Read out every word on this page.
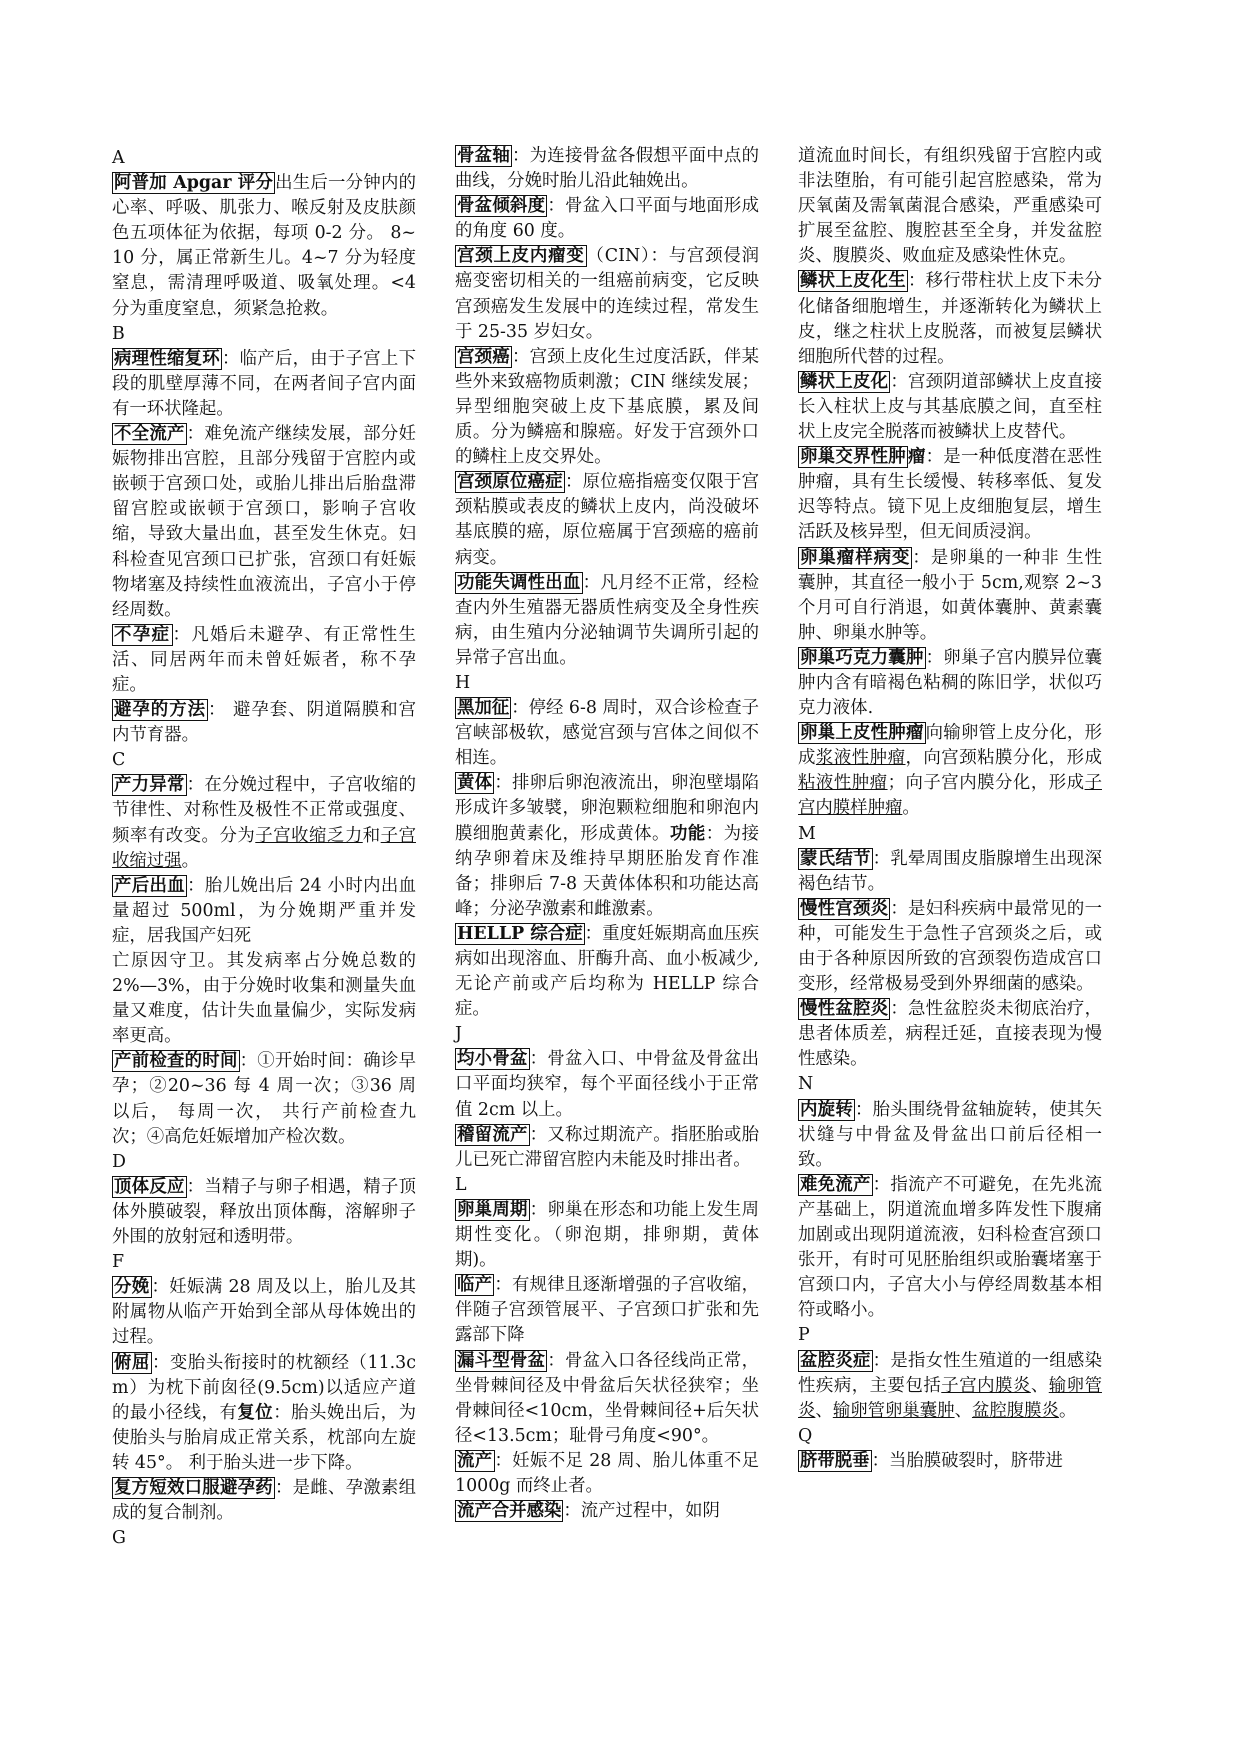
A
阿普加 Apgar 评分 出生后一分钟内的心率、呼吸、肌张力、喉反射及皮肤颜色五项体征为依据，每项 0-2 分。 8~10 分，属正常新生儿。4~7 分为轻度窒息，需清理呼吸道、吸氧处理。<4 分为重度窒息，须紧急抢救。
B
病理性缩复环 ：临产后，由于子宫上下段的肌壁厚薄不同，在两者间子宫内面有一环状隆起。
不全流产 ：难免流产继续发展，部分妊娠物排出宫腔，且部分残留于宫腔内或嵌顿于宫颈口处，或胎儿排出后胎盘滞留宫腔或嵌顿于宫颈口，影响子宫收缩，导致大量出血，甚至发生休克。妇科检查见宫颈口已扩张，宫颈口有妊娠物堵塞及持续性血液流出，子宫小于停经周数。
不孕症 ：凡婚后未避孕、有正常性生活、同居两年而未曾妊娠者，称不孕症。
避孕的方法 ： 避孕套、阴道隔膜和宫内节育器。
C
产力异常 ：在分娩过程中，子宫收缩的节律性、对称性及极性不正常或强度、频率有改变。分为子宫收缩乏力和子宫收缩过强。
产后出血 ：胎儿娩出后 24 小时内出血量超过 500ml，为分娩期严重并发症，居我国产妇死
亡原因守卫。其发病率占分娩总数的 2%—3%，由于分娩时收集和测量失血量又难度，估计失血量偏少，实际发病率更高。
产前检查的时间 ：①开始时间：确诊早孕；②20~36 每 4 周一次；③36 周以后， 每周一次， 共行产前检查九次；④高危妊娠增加产检次数。
D
顶体反应 ：当精子与卵子相遇，精子顶体外膜破裂，释放出顶体酶，溶解卵子外围的放射冠和透明带。
F
分娩 ：妊娠满 28 周及以上，胎儿及其附属物从临产开始到全部从母体娩出的过程。
俯屈 ：变胎头衔接时的枕额经（11.3cm）为枕下前囱径(9.5cm)以适应产道的最小径线，有复位：胎头娩出后，为使胎头与胎肩成正常关系，枕部向左旋转 45°。 利于胎头进一步下降。
复方短效口服避孕药 ：是雌、孕激素组成的复合制剂。
G
骨盆轴 ：为连接骨盆各假想平面中点的曲线，分娩时胎儿沿此轴娩出。
骨盆倾斜度 ：骨盆入口平面与地面形成的角度 60 度。
宫颈上皮内瘤变 （CIN）：与宫颈侵润癌变密切相关的一组癌前病变，它反映宫颈癌发生发展中的连续过程，常发生于 25-35 岁妇女。
宫颈癌 ：宫颈上皮化生过度活跃，伴某些外来致癌物质刺激；CIN 继续发展；异型细胞突破上皮下基底膜，累及间质。分为鳞癌和腺癌。好发于宫颈外口的鳞柱上皮交界处。
宫颈原位癌症 ：原位癌指癌变仅限于宫颈粘膜或表皮的鳞状上皮内，尚没破坏基底膜的癌，原位癌属于宫颈癌的癌前病变。
功能失调性出血 ：凡月经不正常，经检查内外生殖器无器质性病变及全身性疾病，由生殖内分泌轴调节失调所引起的异常子宫出血。
H
黑加征 ：停经 6-8 周时，双合诊检查子宫峡部极软，感觉宫颈与宫体之间似不相连。
黄体 ：排卵后卵泡液流出，卵泡壁塌陷形成许多皱襞，卵泡颗粒细胞和卵泡内膜细胞黄素化，形成黄体。功能：为接纳孕卵着床及维持早期胚胎发育作准备；排卵后 7-8 天黄体体积和功能达高峰；分泌孕激素和雌激素。
HELLP 综合症 ：重度妊娠期高血压疾病如出现溶血、肝酶升高、血小板减少,无论产前或产后均称为 HELLP 综合症。
J
均小骨盆 ：骨盆入口、中骨盆及骨盆出口平面均狭窄，每个平面径线小于正常值 2cm 以上。
稽留流产 ：又称过期流产。指胚胎或胎儿已死亡滞留宫腔内未能及时排出者。
L
卵巢周期 ：卵巢在形态和功能上发生周期性变化。（卵泡期，排卵期，黄体期)。
临产 ：有规律且逐渐增强的子宫收缩，伴随子宫颈管展平、子宫颈口扩张和先露部下降
漏斗型骨盆 ：骨盆入口各径线尚正常，坐骨棘间径及中骨盆后矢状径狭窄；坐骨棘间径<10cm，坐骨棘间径+后矢状径<13.5cm；耻骨弓角度<90°。
流产 ：妊娠不足 28 周、胎儿体重不足 1000g 而终止者。
流产合并感染 ：流产过程中，如阴
道流血时间长，有组织残留于宫腔内或非法堕胎，有可能引起宫腔感染，常为厌氧菌及需氧菌混合感染，严重感染可扩展至盆腔、腹腔甚至全身，并发盆腔炎、腹膜炎、败血症及感染性休克。
鳞状上皮化生 ：移行带柱状上皮下未分化储备细胞增生，并逐渐转化为鳞状上皮，继之柱状上皮脱落，而被复层鳞状细胞所代替的过程。
鳞状上皮化 ：宫颈阴道部鳞状上皮直接长入柱状上皮与其基底膜之间，直至柱状上皮完全脱落而被鳞状上皮替代。
卵巢交界性肿 瘤：是一种低度潜在恶性肿瘤，具有生长缓慢、转移率低、复发迟等特点。镜下见上皮细胞复层，增生活跃及核异型，但无间质浸润。
卵巢瘤样病变 ：是卵巢的一种非 生性囊肿，其直径一般小于 5cm,观察 2~3 个月可自行消退，如黄体囊肿、黄素囊肿、卵巢水肿等。
卵巢巧克力囊肿 ：卵巢子宫内膜异位囊肿内含有暗褐色粘稠的陈旧学，状似巧克力液体.
卵巢上皮性肿瘤 向输卵管上皮分化，形成浆液性肿瘤，向宫颈粘膜分化，形成粘液性肿瘤；向子宫内膜分化，形成子宫内膜样肿瘤。
M
蒙氏结节 ：乳晕周围皮脂腺增生出现深褐色结节。
慢性宫颈炎 ：是妇科疾病中最常见的一种，可能发生于急性子宫颈炎之后，或由于各种原因所致的宫颈裂伤造成宫口变形，经常极易受到外界细菌的感染。
慢性盆腔炎 ：急性盆腔炎未彻底治疗，患者体质差，病程迁延，直接表现为慢性感染。
N
内旋转 ：胎头围绕骨盆轴旋转，使其矢状缝与中骨盆及骨盆出口前后径相一致。
难免流产 ：指流产不可避免，在先兆流产基础上，阴道流血增多阵发性下腹痛加剧或出现阴道流液，妇科检查宫颈口张开，有时可见胚胎组织或胎囊堵塞于宫颈口内，子宫大小与停经周数基本相符或略小。
P
盆腔炎症 ：是指女性生殖道的一组感染性疾病，主要包括子宫内膜炎、输卵管炎、输卵管卵巢囊肿、盆腔腹膜炎。
Q
脐带脱垂 ：当胎膜破裂时，脐带进
